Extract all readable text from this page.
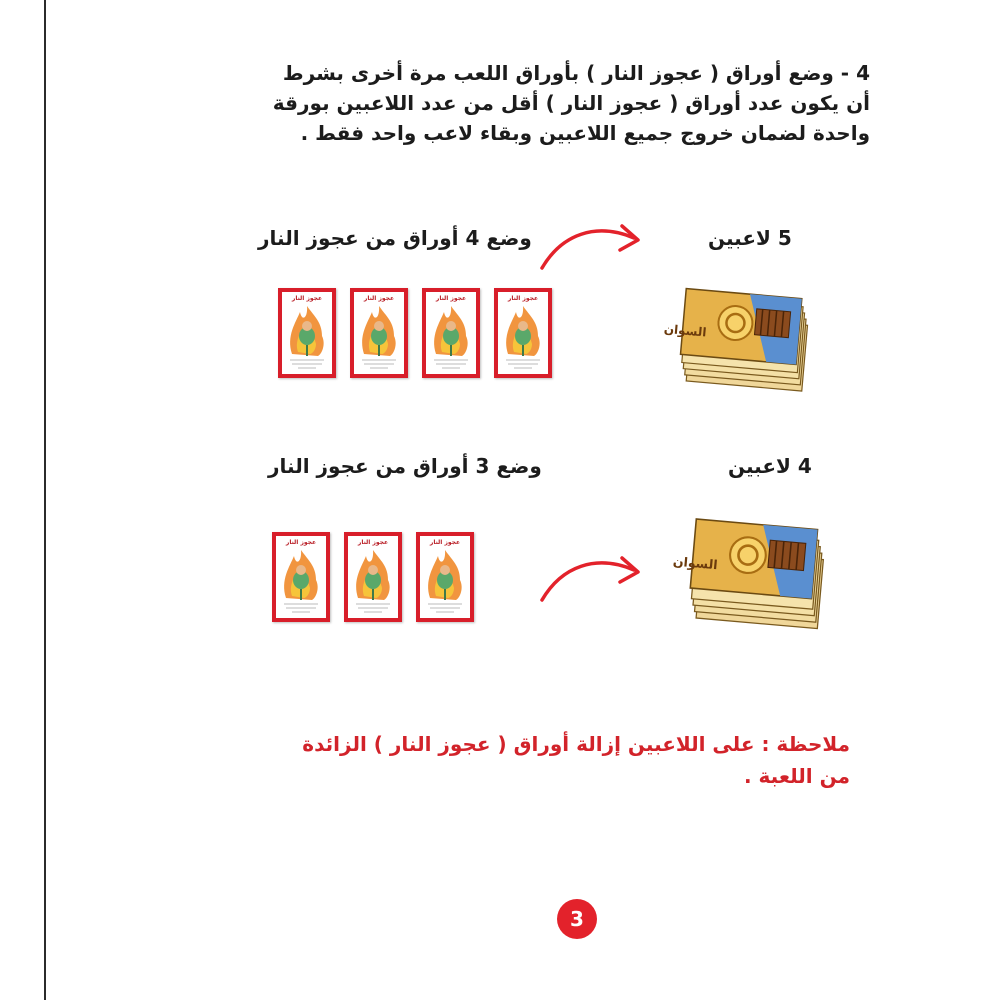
4 - وضع أوراق ( عجوز النار ) بأوراق اللعب مرة أخرى بشرط
أن يكون عدد أوراق ( عجوز النار ) أقل من عدد اللاعبين بورقة
واحدة لضمان خروج جميع اللاعبين وبقاء لاعب واحد فقط .
وضع 4 أوراق من عجوز النار	5 لاعبين
عجوز النار	عجوز النار	عجوز النار	عجوز النار
السوان
وضع 3 أوراق من عجوز النار	4 لاعبين
عجوز النار	عجوز النار	عجوز النار
السوان
ملاحظة : على اللاعبين إزالة أوراق ( عجوز النار ) الزائدة
من اللعبة .
3
